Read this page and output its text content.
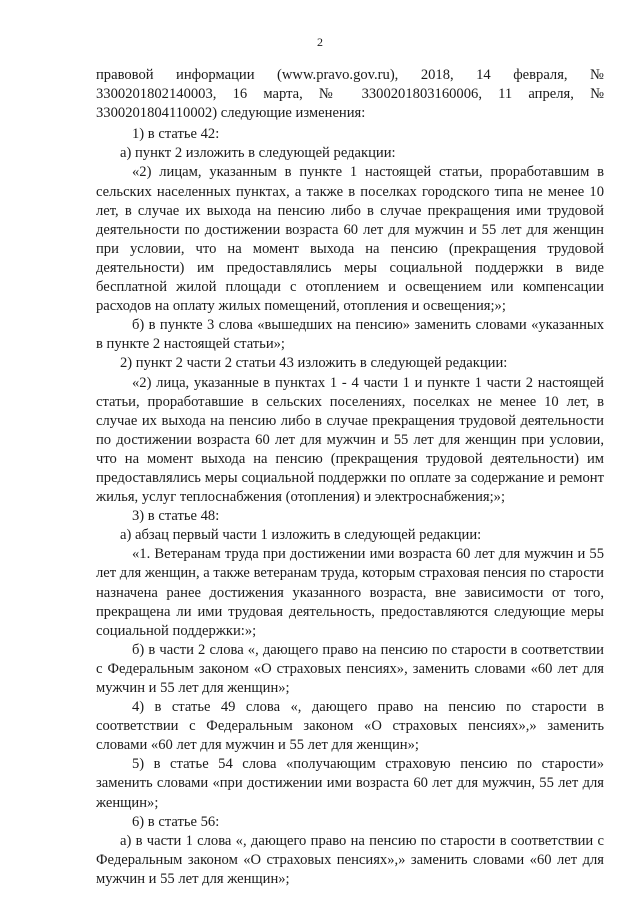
2

правовой информации (www.pravo.gov.ru), 2018, 14 февраля, № 3300201802140003, 16 марта, № 3300201803160006, 11 апреля, № 3300201804110002) следующие изменения:

1) в статье 42:

а) пункт 2 изложить в следующей редакции:

«2) лицам, указанным в пункте 1 настоящей статьи, проработавшим в сельских населенных пунктах, а также в поселках городского типа не менее 10 лет, в случае их выхода на пенсию либо в случае прекращения ими трудовой деятельности по достижении возраста 60 лет для мужчин и 55 лет для женщин при условии, что на момент выхода на пенсию (прекращения трудовой деятельности) им предоставлялись меры социальной поддержки в виде бесплатной жилой площади с отоплением и освещением или компенсации расходов на оплату жилых помещений, отопления и освещения;»;

б) в пункте 3 слова «вышедших на пенсию» заменить словами «указанных в пункте 2 настоящей статьи»;

2) пункт 2 части 2 статьи 43 изложить в следующей редакции:

«2) лица, указанные в пунктах 1 - 4 части 1 и пункте 1 части 2 настоящей статьи, проработавшие в сельских поселениях, поселках не менее 10 лет, в случае их выхода на пенсию либо в случае прекращения трудовой деятельности по достижении возраста 60 лет для мужчин и 55 лет для женщин при условии, что на момент выхода на пенсию (прекращения трудовой деятельности) им предоставлялись меры социальной поддержки по оплате за содержание и ремонт жилья, услуг теплоснабжения (отопления) и электроснабжения;»;

3) в статье 48:

а) абзац первый части 1 изложить в следующей редакции:

«1. Ветеранам труда при достижении ими возраста 60 лет для мужчин и 55 лет для женщин, а также ветеранам труда, которым страховая пенсия по старости назначена ранее достижения указанного возраста, вне зависимости от того, прекращена ли ими трудовая деятельность, предоставляются следующие меры социальной поддержки:»;

б) в части 2 слова «, дающего право на пенсию по старости в соответствии с Федеральным законом «О страховых пенсиях», заменить словами «60 лет для мужчин и 55 лет для женщин»;

4) в статье 49 слова «, дающего право на пенсию по старости в соответствии с Федеральным законом «О страховых пенсиях»,» заменить словами «60 лет для мужчин и 55 лет для женщин»;

5) в статье 54 слова «получающим страховую пенсию по старости» заменить словами «при достижении ими возраста 60 лет для мужчин, 55 лет для женщин»;

6) в статье 56:

а) в части 1 слова «, дающего право на пенсию по старости в соответствии с Федеральным законом «О страховых пенсиях»,» заменить словами «60 лет для мужчин и 55 лет для женщин»;
